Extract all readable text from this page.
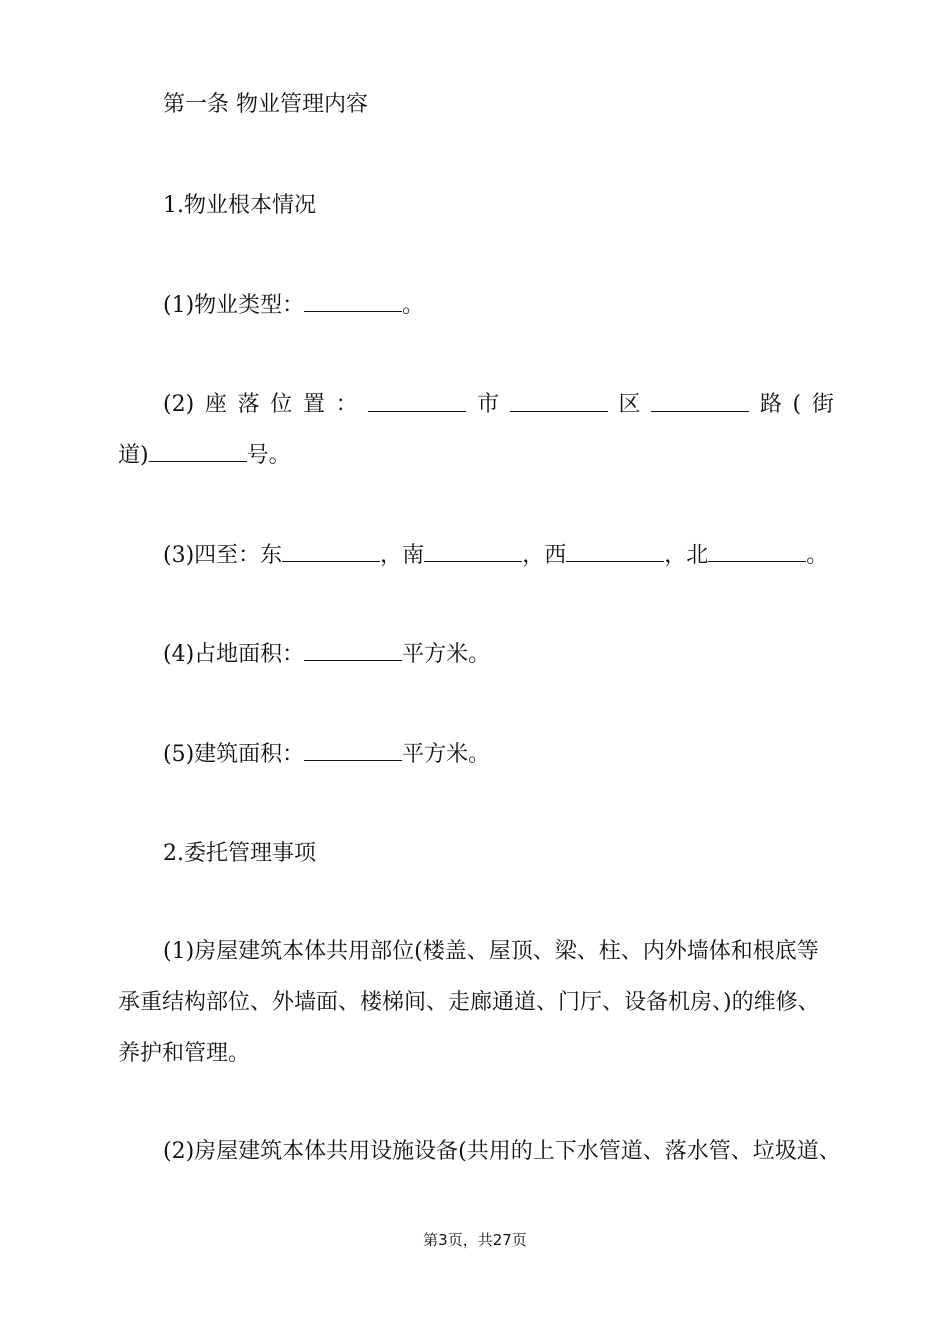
第一条 物业管理内容
1.物业根本情况
(1)物业类型：	。
(2) 座 落 位 置 ：	市	区	路 ( 街
道)	号。
(3)四至：东	，南	，西	，北	。
(4)占地面积：	平方米。
(5)建筑面积：	平方米。
2.委托管理事项
(1)房屋建筑本体共用部位(楼盖、屋顶、梁、柱、内外墙体和根底等
承重结构部位、外墙面、楼梯间、走廊通道、门厅、设备机房、)的维修、
养护和管理。
(2)房屋建筑本体共用设施设备(共用的上下水管道、落水管、垃圾道、
第3页，共27页
